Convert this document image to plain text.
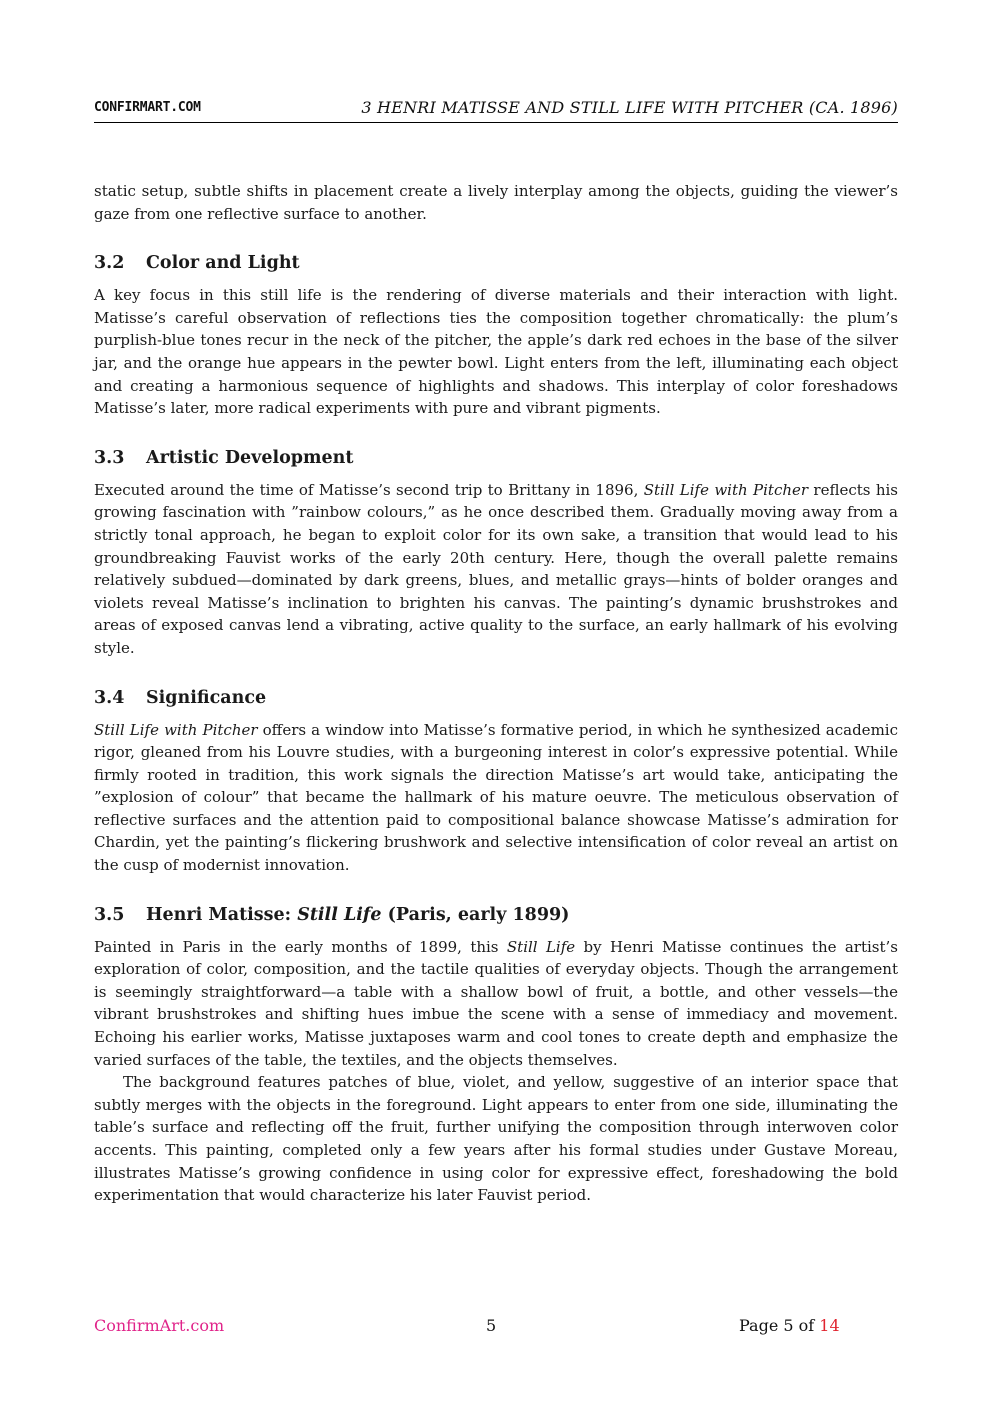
CONFIRMART.COM	3 HENRI MATISSE AND STILL LIFE WITH PITCHER (CA. 1896)

static setup, subtle shifts in placement create a lively interplay among the objects, guiding the viewer’s gaze from one reflective surface to another.

3.2 Color and Light

A key focus in this still life is the rendering of diverse materials and their interaction with light. Matisse’s careful observation of reflections ties the composition together chromatically: the plum’s purplish-blue tones recur in the neck of the pitcher, the apple’s dark red echoes in the base of the silver jar, and the orange hue appears in the pewter bowl. Light enters from the left, illuminating each object and creating a harmonious sequence of highlights and shadows. This interplay of color foreshadows Matisse’s later, more radical experiments with pure and vibrant pigments.

3.3 Artistic Development

Executed around the time of Matisse’s second trip to Brittany in 1896, Still Life with Pitcher reflects his growing fascination with ”rainbow colours,” as he once described them. Gradually moving away from a strictly tonal approach, he began to exploit color for its own sake, a transition that would lead to his groundbreaking Fauvist works of the early 20th century. Here, though the overall palette remains relatively subdued—dominated by dark greens, blues, and metallic grays—hints of bolder oranges and violets reveal Matisse’s inclination to brighten his canvas. The painting’s dynamic brushstrokes and areas of exposed canvas lend a vibrating, active quality to the surface, an early hallmark of his evolving style.

3.4 Significance

Still Life with Pitcher offers a window into Matisse’s formative period, in which he synthesized academic rigor, gleaned from his Louvre studies, with a burgeoning interest in color’s expressive potential. While firmly rooted in tradition, this work signals the direction Matisse’s art would take, anticipating the ”explosion of colour” that became the hallmark of his mature oeuvre. The meticulous observation of reflective surfaces and the attention paid to compositional balance showcase Matisse’s admiration for Chardin, yet the painting’s flickering brushwork and selective intensification of color reveal an artist on the cusp of modernist innovation.

3.5 Henri Matisse: Still Life (Paris, early 1899)

Painted in Paris in the early months of 1899, this Still Life by Henri Matisse continues the artist’s exploration of color, composition, and the tactile qualities of everyday objects. Though the arrangement is seemingly straightforward—a table with a shallow bowl of fruit, a bottle, and other vessels—the vibrant brushstrokes and shifting hues imbue the scene with a sense of immediacy and movement. Echoing his earlier works, Matisse juxtaposes warm and cool tones to create depth and emphasize the varied surfaces of the table, the textiles, and the objects themselves.

The background features patches of blue, violet, and yellow, suggestive of an interior space that subtly merges with the objects in the foreground. Light appears to enter from one side, illuminating the table’s surface and reflecting off the fruit, further unifying the composition through interwoven color accents. This painting, completed only a few years after his formal studies under Gustave Moreau, illustrates Matisse’s growing confidence in using color for expressive effect, foreshadowing the bold experimentation that would characterize his later Fauvist period.

ConfirmArt.com	5	Page 5 of 14
